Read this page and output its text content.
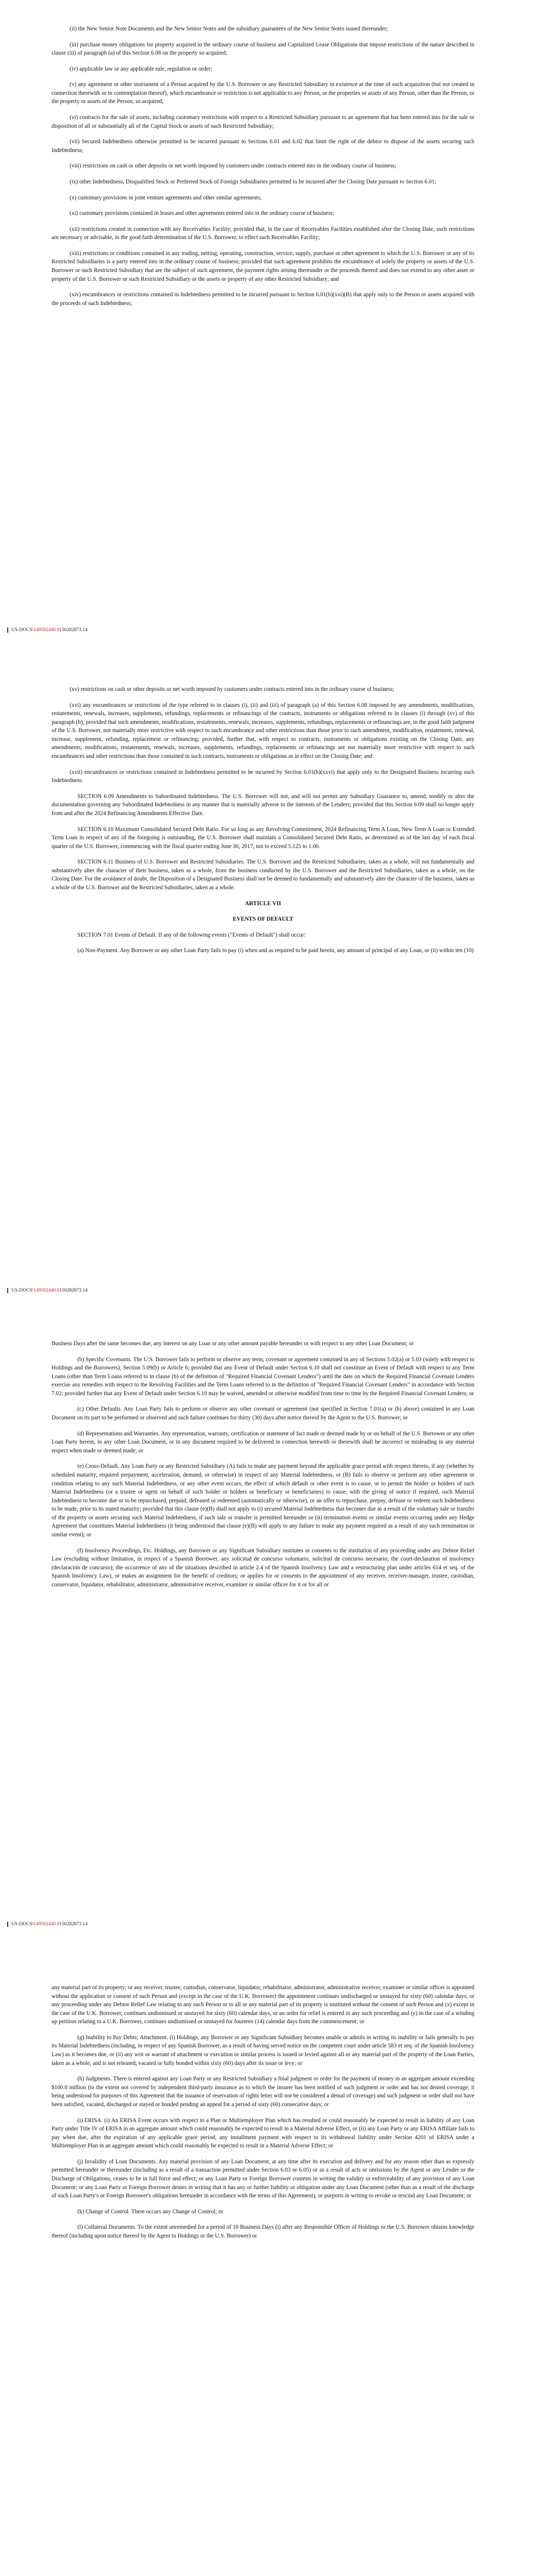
(ii) the New Senior Note Documents and the New Senior Notes and the subsidiary guarantees of the New Senior Notes issued thereunder;

(iii) purchase money obligations for property acquired in the ordinary course of business and Capitalized Lease Obligations that impose restrictions of the nature described in clause (iii) of paragraph (a) of this Section 6.08 on the property so acquired;

(iv) applicable law or any applicable rule, regulation or order;

(v) any agreement or other instrument of a Person acquired by the U.S. Borrower or any Restricted Subsidiary in existence at the time of such acquisition (but not created in connection therewith or in contemplation thereof), which encumbrance or restriction is not applicable to any Person, or the properties or assets of any Person, other than the Person, or the property or assets of the Person, so acquired;

(vi) contracts for the sale of assets, including customary restrictions with respect to a Restricted Subsidiary pursuant to an agreement that has been entered into for the sale or disposition of all or substantially all of the Capital Stock or assets of such Restricted Subsidiary;

(vii) Secured Indebtedness otherwise permitted to be incurred pursuant to Sections 6.01 and 6.02 that limit the right of the debtor to dispose of the assets securing such Indebtedness;

(viii) restrictions on cash or other deposits or net worth imposed by customers under contracts entered into in the ordinary course of business;

(ix) other Indebtedness, Disqualified Stock or Preferred Stock of Foreign Subsidiaries permitted to be incurred after the Closing Date pursuant to Section 6.01;

(x) customary provisions in joint venture agreements and other similar agreements;

(xi) customary provisions contained in leases and other agreements entered into in the ordinary course of business;

(xii) restrictions created in connection with any Receivables Facility; provided that, in the case of Receivables Facilities established after the Closing Date, such restrictions are necessary or advisable, in the good faith determination of the U.S. Borrower, to effect such Receivables Facility;

(xiii) restrictions or conditions contained in any trading, netting, operating, construction, service, supply, purchase or other agreement to which the U.S. Borrower or any of its Restricted Subsidiaries is a party entered into in the ordinary course of business; provided that such agreement prohibits the encumbrance of solely the property or assets of the U.S. Borrower or such Restricted Subsidiary that are the subject of such agreement, the payment rights arising thereunder or the proceeds thereof and does not extend to any other asset or property of the U.S. Borrower or such Restricted Subsidiary or the assets or property of any other Restricted Subsidiary; and

(xiv) encumbrances or restrictions contained in Indebtedness permitted to be incurred pursuant to Section 6.01(b)(xxi)(B) that apply only to the Person or assets acquired with the proceeds of such Indebtedness;

US-DOCS\149592440.9150282873.14

(xv) restrictions on cash or other deposits or net worth imposed by customers under contracts entered into in the ordinary course of business;

(xvi) any encumbrances or restrictions of the type referred to in clauses (i), (ii) and (iii) of paragraph (a) of this Section 6.08 imposed by any amendments, modifications, restatements, renewals, increases, supplements, refundings, replacements or refinancings of the contracts, instruments or obligations referred to in clauses (i) through (xv) of this paragraph (b); provided that such amendments, modifications, restatements, renewals, increases, supplements, refundings, replacements or refinancings are, in the good faith judgment of the U.S. Borrower, not materially more restrictive with respect to such encumbrance and other restrictions than those prior to such amendment, modification, restatement, renewal, increase, supplement, refunding, replacement or refinancing; provided, further that, with respect to contracts, instruments or obligations existing on the Closing Date, any amendments, modifications, restatements, renewals, increases, supplements, refundings, replacements or refinancings are not materially more restrictive with respect to such encumbrances and other restrictions than those contained in such contracts, instruments or obligations as in effect on the Closing Date; and

(xvii) encumbrances or restrictions contained in Indebtedness permitted to be incurred by Section 6.01(b)(xxvi) that apply only to the Designated Business incurring such Indebtedness.

SECTION 6.09 Amendments to Subordinated Indebtedness. The U.S. Borrower will not, and will not permit any Subsidiary Guarantor to, amend, modify or alter the documentation governing any Subordinated Indebtedness in any manner that is materially adverse to the interests of the Lenders; provided that this Section 6.09 shall no longer apply from and after the 2024 Refinancing Amendments Effective Date.

SECTION 6.10 Maximum Consolidated Secured Debt Ratio. For so long as any Revolving Commitment, 2024 Refinancing Term A Loan, New Term A Loan or Extended Term Loan in respect of any of the foregoing is outstanding, the U.S. Borrower shall maintain a Consolidated Secured Debt Ratio, as determined as of the last day of each fiscal quarter of the U.S. Borrower, commencing with the fiscal quarter ending June 30, 2017, not to exceed 5.125 to 1.00.

SECTION 6.11 Business of U.S. Borrower and Restricted Subsidiaries. The U.S. Borrower and the Restricted Subsidiaries, taken as a whole, will not fundamentally and substantively alter the character of their business, taken as a whole, from the business conducted by the U.S. Borrower and the Restricted Subsidiaries, taken as a whole, on the Closing Date. For the avoidance of doubt, the Disposition of a Designated Business shall not be deemed to fundamentally and substantively alter the character of the business, taken as a whole of the U.S. Borrower and the Restricted Subsidiaries, taken as a whole.

ARTICLE VII

EVENTS OF DEFAULT

SECTION 7.01 Events of Default. If any of the following events ("Events of Default") shall occur:

(a) Non-Payment. Any Borrower or any other Loan Party fails to pay (i) when and as required to be paid herein, any amount of principal of any Loan, or (ii) within ten (10)

US-DOCS\149592440.9150282873.14

Business Days after the same becomes due, any interest on any Loan or any other amount payable hereunder or with respect to any other Loan Document; or

(b) Specific Covenants. The U.S. Borrower fails to perform or observe any term, covenant or agreement contained in any of Sections 5.02(a) or 5.03 (solely with respect to Holdings and the Borrowers), Section 5.09(b) or Article 6; provided that any Event of Default under Section 6.10 shall not constitute an Event of Default with respect to any Term Loans (other than Term Loans referred to in clause (b) of the definition of "Required Financial Covenant Lenders") until the date on which the Required Financial Covenant Lenders exercise any remedies with respect to the Revolving Facilities and the Term Loans referred to in the definition of "Required Financial Covenant Lenders" in accordance with Section 7.02; provided further that any Event of Default under Section 6.10 may be waived, amended or otherwise modified from time to time by the Required Financial Covenant Lenders; or

(c) Other Defaults. Any Loan Party fails to perform or observe any other covenant or agreement (not specified in Section 7.01(a) or (b) above) contained in any Loan Document on its part to be performed or observed and such failure continues for thirty (30) days after notice thereof by the Agent to the U.S. Borrower; or

(d) Representations and Warranties. Any representation, warranty, certification or statement of fact made or deemed made by or on behalf of the U.S. Borrower or any other Loan Party herein, in any other Loan Document, or in any document required to be delivered in connection herewith or therewith shall be incorrect or misleading in any material respect when made or deemed made; or

(e) Cross-Default. Any Loan Party or any Restricted Subsidiary (A) fails to make any payment beyond the applicable grace period with respect thereto, if any (whether by scheduled maturity, required prepayment, acceleration, demand, or otherwise) in respect of any Material Indebtedness, or (B) fails to observe or perform any other agreement or condition relating to any such Material Indebtedness, or any other event occurs, the effect of which default or other event is to cause, or to permit the holder or holders of such Material Indebtedness (or a trustee or agent on behalf of such holder or holders or beneficiary or beneficiaries) to cause, with the giving of notice if required, such Material Indebtedness to become due or to be repurchased, prepaid, defeased or redeemed (automatically or otherwise), or an offer to repurchase, prepay, defease or redeem such Indebtedness to be made, prior to its stated maturity; provided that this clause (e)(B) shall not apply to (i) secured Material Indebtedness that becomes due as a result of the voluntary sale or transfer of the property or assets securing such Material Indebtedness, if such sale or transfer is permitted hereunder or (ii) termination events or similar events occurring under any Hedge Agreement that constitutes Material Indebtedness (it being understood that clause (e)(B) will apply to any failure to make any payment required as a result of any such termination or similar event); or

(f) Insolvency Proceedings, Etc. Holdings, any Borrower or any Significant Subsidiary institutes or consents to the institution of any proceeding under any Debtor Relief Law (excluding without limitation, in respect of a Spanish Borrower, any solicitud de concurso voluntario, solicitud de concurso necesario; the court-declaration of insolvency (declaración de concurso); the occurrence of any of the situations described in article 2.4 of the Spanish Insolvency Law and a restructuring plan under articles 614 et seq. of the Spanish Insolvency Law), or makes an assignment for the benefit of creditors; or applies for or consents to the appointment of any receiver, receiver-manager, trustee, custodian, conservator, liquidator, rehabilitator, administrator, administrative receiver, examiner or similar officer for it or for all or

US-DOCS\149592440.9150282873.14

any material part of its property; or any receiver, trustee, custodian, conservator, liquidator, rehabilitator, administrator, administrative receiver, examiner or similar officer is appointed without the application or consent of such Person and (except in the case of the U.K. Borrower) the appointment continues undischarged or unstayed for sixty (60) calendar days; or any proceeding under any Debtor Relief Law relating to any such Person or to all or any material part of its property is instituted without the consent of such Person and (x) except in the case of the U.K. Borrower, continues undismissed or unstayed for sixty (60) calendar days, or an order for relief is entered in any such proceeding and (y) in the case of a winding up petition relating to a U.K. Borrower, continues undismissed or unstayed for fourteen (14) calendar days from the commencement; or

(g) Inability to Pay Debts; Attachment. (i) Holdings, any Borrower or any Significant Subsidiary becomes unable or admits in writing its inability or fails generally to pay its Material Indebtedness (including, in respect of any Spanish Borrower, as a result of having served notice on the competent court under article 583 et seq. of the Spanish Insolvency Law) as it becomes due, or (ii) any writ or warrant of attachment or execution or similar process is issued or levied against all or any material part of the property of the Loan Parties, taken as a whole, and is not released, vacated or fully bonded within sixty (60) days after its issue or levy; or

(h) Judgments. There is entered against any Loan Party or any Restricted Subsidiary a final judgment or order for the payment of money in an aggregate amount exceeding $100.0 million (to the extent not covered by independent third-party insurance as to which the insurer has been notified of such judgment or order and has not denied coverage, it being understood for purposes of this Agreement that the issuance of reservation of rights letter will not be considered a denial of coverage) and such judgment or order shall not have been satisfied, vacated, discharged or stayed or bonded pending an appeal for a period of sixty (60) consecutive days; or

(i) ERISA. (i) An ERISA Event occurs with respect to a Plan or Multiemployer Plan which has resulted or could reasonably be expected to result in liability of any Loan Party under Title IV of ERISA in an aggregate amount which could reasonably be expected to result in a Material Adverse Effect, or (ii) any Loan Party or any ERISA Affiliate fails to pay when due, after the expiration of any applicable grace period, any installment payment with respect to its withdrawal liability under Section 4201 of ERISA under a Multiemployer Plan in an aggregate amount which could reasonably be expected to result in a Material Adverse Effect; or

(j) Invalidity of Loan Documents. Any material provision of any Loan Document, at any time after its execution and delivery and for any reason other than as expressly permitted hereunder or thereunder (including as a result of a transaction permitted under Section 6.03 or 6.05) or as a result of acts or omissions by the Agent or any Lender or the Discharge of Obligations, ceases to be in full force and effect; or any Loan Party or Foreign Borrower contests in writing the validity or enforceability of any provision of any Loan Document; or any Loan Party or Foreign Borrower denies in writing that it has any or further liability or obligation under any Loan Document (other than as a result of the discharge of such Loan Party's or Foreign Borrower's obligations hereunder in accordance with the terms of this Agreement), or purports in writing to revoke or rescind any Loan Document; or

(k) Change of Control. There occurs any Change of Control; or

(l) Collateral Documents. To the extent unremedied for a period of 10 Business Days (i) after any Responsible Officer of Holdings or the U.S. Borrower obtains knowledge thereof (including upon notice thereof by the Agent to Holdings or the U.S. Borrower) or
